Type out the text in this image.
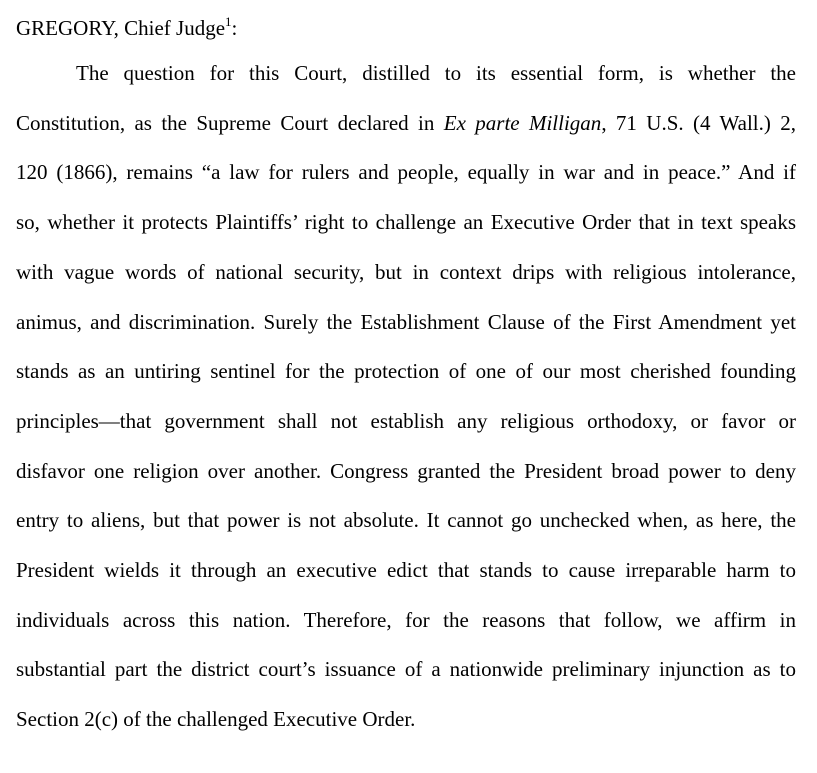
GREGORY, Chief Judge$^1$:
The question for this Court, distilled to its essential form, is whether the
Constitution, as the Supreme Court declared in Ex parte Milligan, 71 U.S. (4 Wall.) 2,
120 (1866), remains “a law for rulers and people, equally in war and in peace.” And if
so, whether it protects Plaintiffs’ right to challenge an Executive Order that in text speaks
with vague words of national security, but in context drips with religious intolerance,
animus, and discrimination. Surely the Establishment Clause of the First Amendment yet
stands as an untiring sentinel for the protection of one of our most cherished founding
principles—that government shall not establish any religious orthodoxy, or favor or
disfavor one religion over another. Congress granted the President broad power to deny
entry to aliens, but that power is not absolute. It cannot go unchecked when, as here, the
President wields it through an executive edict that stands to cause irreparable harm to
individuals across this nation. Therefore, for the reasons that follow, we affirm in
substantial part the district court’s issuance of a nationwide preliminary injunction as to
Section 2(c) of the challenged Executive Order.
